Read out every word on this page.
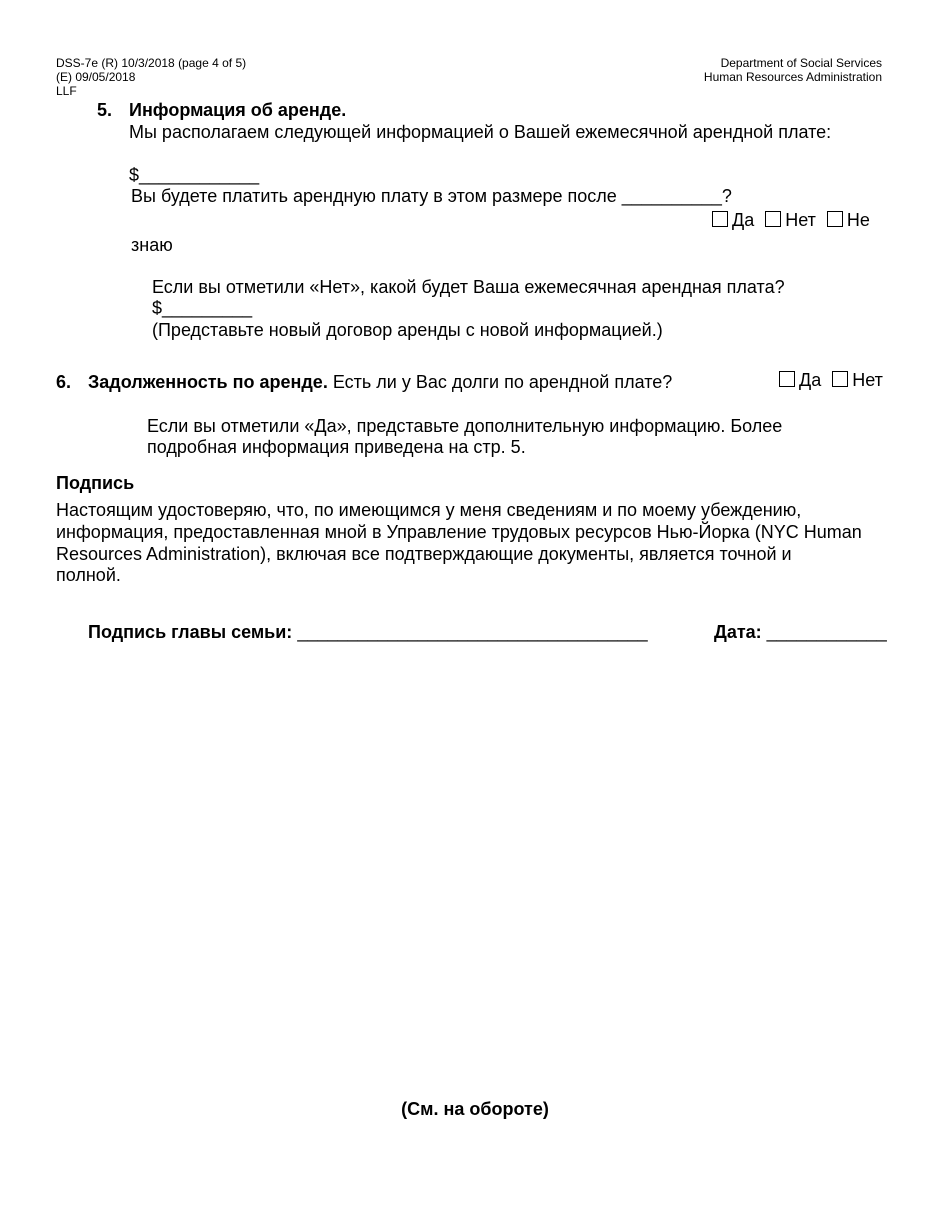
DSS-7e (R) 10/3/2018 (page 4 of 5)
(E) 09/05/2018
LLF
Department of Social Services
Human Resources Administration
5. Информация об аренде.
Мы располагаем следующей информацией о Вашей ежемесячной арендной плате:
$____________
Вы будете платить арендную плату в этом размере после __________?
Да Нет Не
знаю
Если вы отметили «Нет», какой будет Ваша ежемесячная арендная плата?
$_________
(Представьте новый договор аренды с новой информацией.)
6. Задолженность по аренде. Есть ли у Вас долги по арендной плате?	Да Нет
Если вы отметили «Да», представьте дополнительную информацию. Более
подробная информация приведена на стр. 5.
Подпись
Настоящим удостоверяю, что, по имеющимся у меня сведениям и по моему убеждению,
информация, предоставленная мной в Управление трудовых ресурсов Нью-Йорка (NYC Human
Resources Administration), включая все подтверждающие документы, является точной и
полной.
Подпись главы семьи: ___________________________________	Дата: ____________
(См. на обороте)
